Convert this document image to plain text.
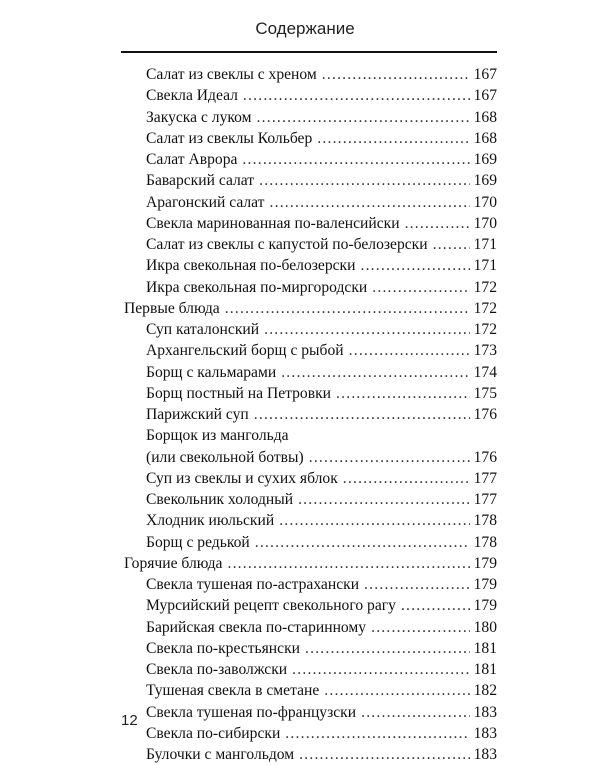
Содержание
Салат из свеклы с хреном .....	167
Свекла Идеал .....	167
Закуска с луком .....	168
Салат из свеклы Кольбер .....	168
Салат Аврора .....	169
Баварский салат .....	169
Арагонский салат .....	170
Свекла маринованная по-валенсийски .....	170
Салат из свеклы с капустой по-белозерски .....	171
Икра свекольная по-белозерски .....	171
Икра свекольная по-миргородски .....	172
Первые блюда .....	172
Суп каталонский .....	172
Архангельский борщ с рыбой .....	173
Борщ с кальмарами .....	174
Борщ постный на Петровки .....	175
Парижский суп .....	176
Борщок из мангольда
(или свекольной ботвы) .....	176
Суп из свеклы и сухих яблок .....	177
Свекольник холодный .....	177
Хлодник июльский .....	178
Борщ с редькой .....	178
Горячие блюда .....	179
Свекла тушеная по-астрахански .....	179
Мурсийский рецепт свекольного рагу .....	179
Барийская свекла по-старинному .....	180
Свекла по-крестьянски .....	181
Свекла по-заволжски .....	181
Тушеная свекла в сметане .....	182
Свекла тушеная по-французски .....	183
Свекла по-сибирски .....	183
Булочки с мангольдом .....	183
12
